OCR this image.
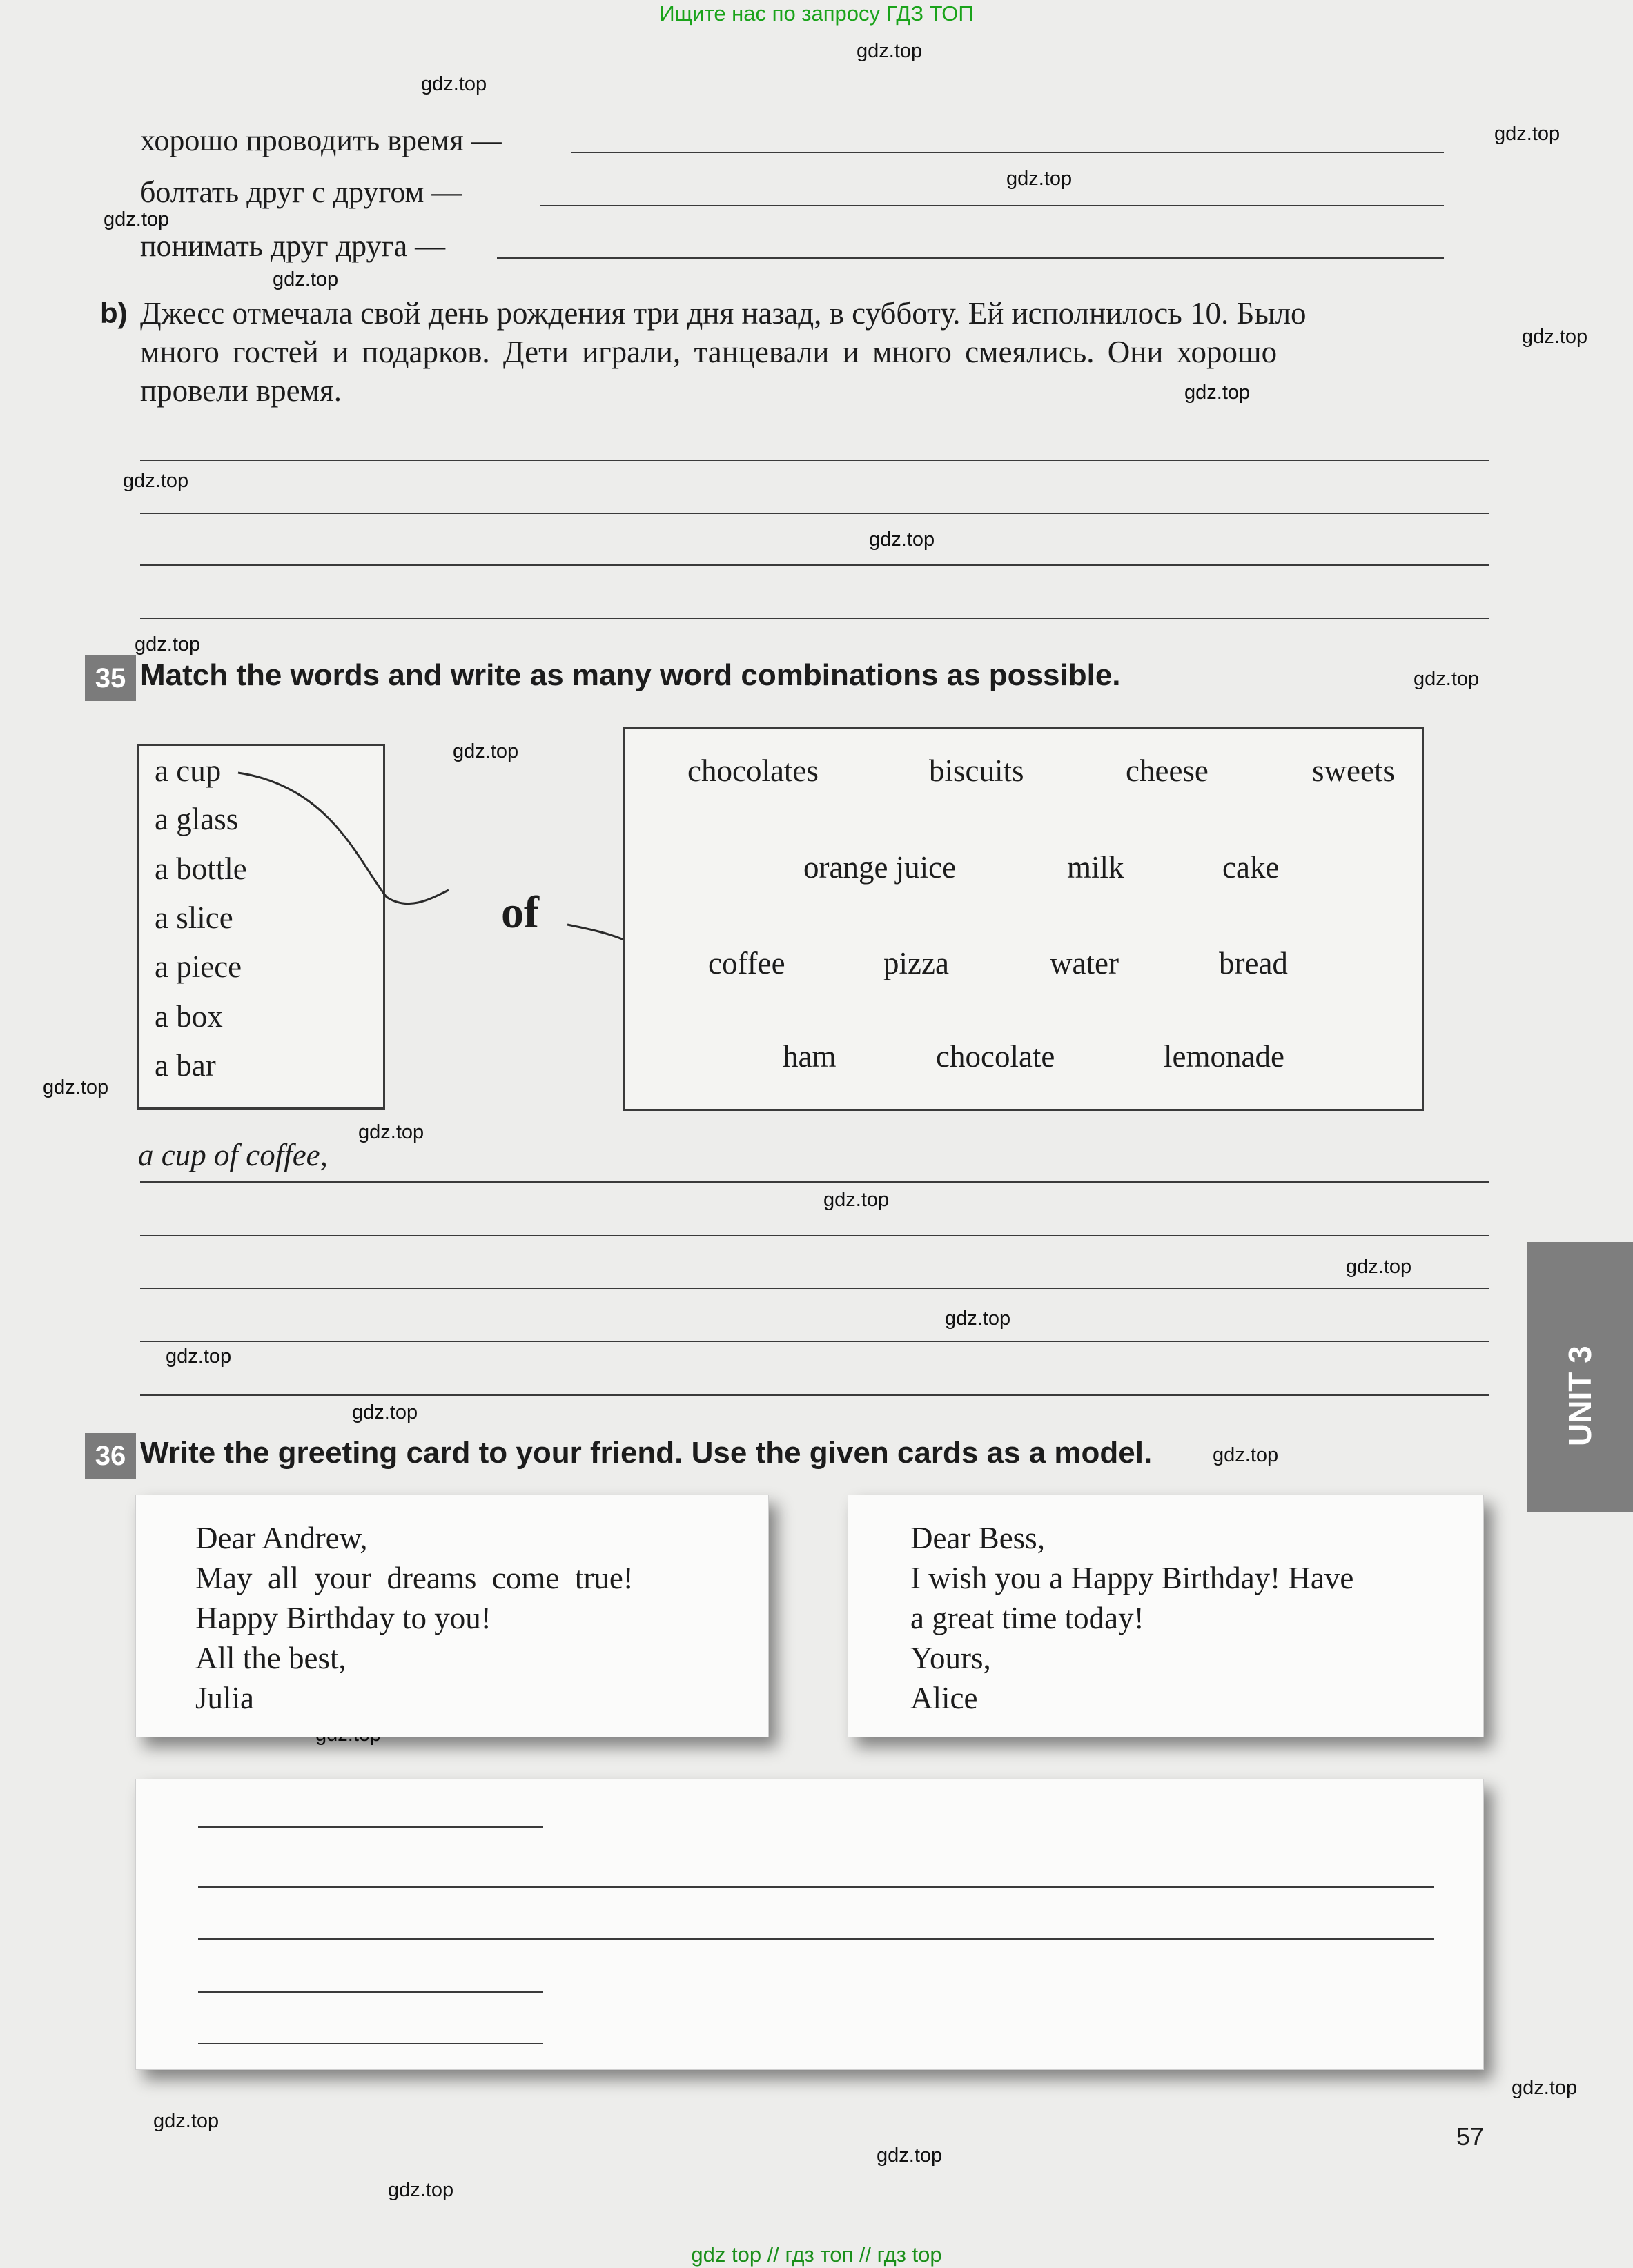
Ищите нас по запросу ГДЗ ТОП
gdz top // гдз топ // гдз top
gdz.top
gdz.top
gdz.top
gdz.top
gdz.top
gdz.top
gdz.top
gdz.top
gdz.top
gdz.top
gdz.top
gdz.top
gdz.top
gdz.top
gdz.top
gdz.top
gdz.top
gdz.top
gdz.top
gdz.top
gdz.top
gdz.top
gdz.top
gdz.top
gdz.top
хорошо проводить время —
болтать друг с другом —
понимать друг друга —
b) Джесс отмечала свой день рождения три дня назад, в субботу. Ей исполнилось 10. Было
много гостей и подарков. Дети играли, танцевали и много смеялись. Они хорошо
провели время.
35 Match the words and write as many word combinations as possible.
a cup
a glass
a bottle
a slice
a piece
a box
a bar
of
chocolates	biscuits	cheese	sweets
orange juice	milk	cake
coffee	pizza	water	bread
ham	chocolate	lemonade
a cup of coffee,
36 Write the greeting card to your friend. Use the given cards as a model.
Dear Andrew,
May  all  your  dreams  come  true!
Happy Birthday to you!
All the best,
Julia
Dear Bess,
I wish you a Happy Birthday! Have
a great time today!
Yours,
Alice
UNIT 3
57
